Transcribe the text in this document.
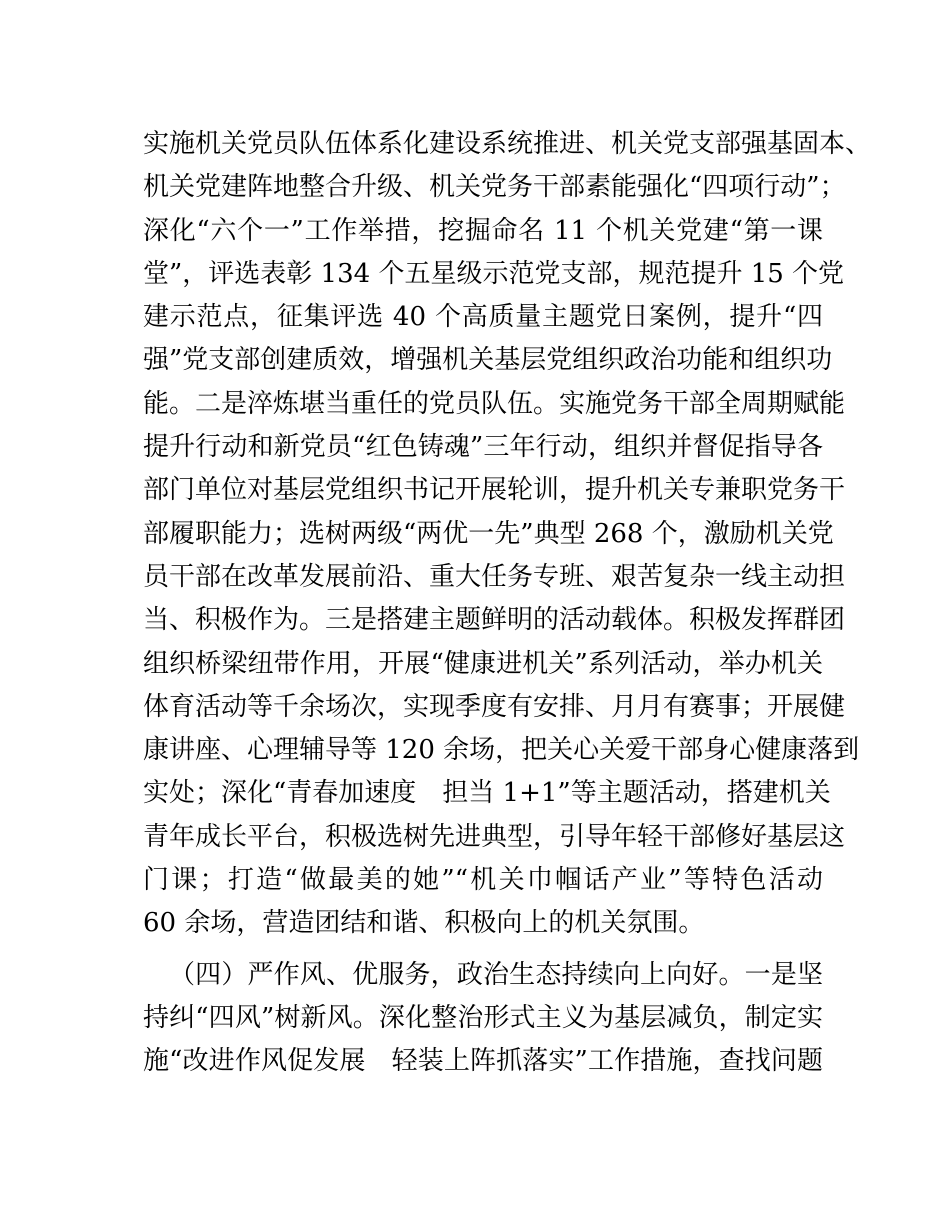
实施机关党员队伍体系化建设系统推进、机关党支部强基固本、
机关党建阵地整合升级、机关党务干部素能强化“四项行动”；
深化“六个一”工作举措，挖掘命名 11 个机关党建“第一课
堂”，评选表彰 134 个五星级示范党支部，规范提升 15 个党
建示范点，征集评选 40 个高质量主题党日案例，提升“四
强”党支部创建质效，增强机关基层党组织政治功能和组织功
能。二是淬炼堪当重任的党员队伍。实施党务干部全周期赋能
提升行动和新党员“红色铸魂”三年行动，组织并督促指导各
部门单位对基层党组织书记开展轮训，提升机关专兼职党务干
部履职能力；选树两级“两优一先”典型 268 个，激励机关党
员干部在改革发展前沿、重大任务专班、艰苦复杂一线主动担
当、积极作为。三是搭建主题鲜明的活动载体。积极发挥群团
组织桥梁纽带作用，开展“健康进机关”系列活动，举办机关
体育活动等千余场次，实现季度有安排、月月有赛事；开展健
康讲座、心理辅导等 120 余场，把关心关爱干部身心健康落到
实处；深化“青春加速度　担当 1+1”等主题活动，搭建机关
青年成长平台，积极选树先进典型，引导年轻干部修好基层这
门课；打造“做最美的她”“机关巾帼话产业”等特色活动
60 余场，营造团结和谐、积极向上的机关氛围。
（四）严作风、优服务，政治生态持续向上向好。一是坚
持纠“四风”树新风。深化整治形式主义为基层减负，制定实
施“改进作风促发展　轻装上阵抓落实”工作措施，查找问题
